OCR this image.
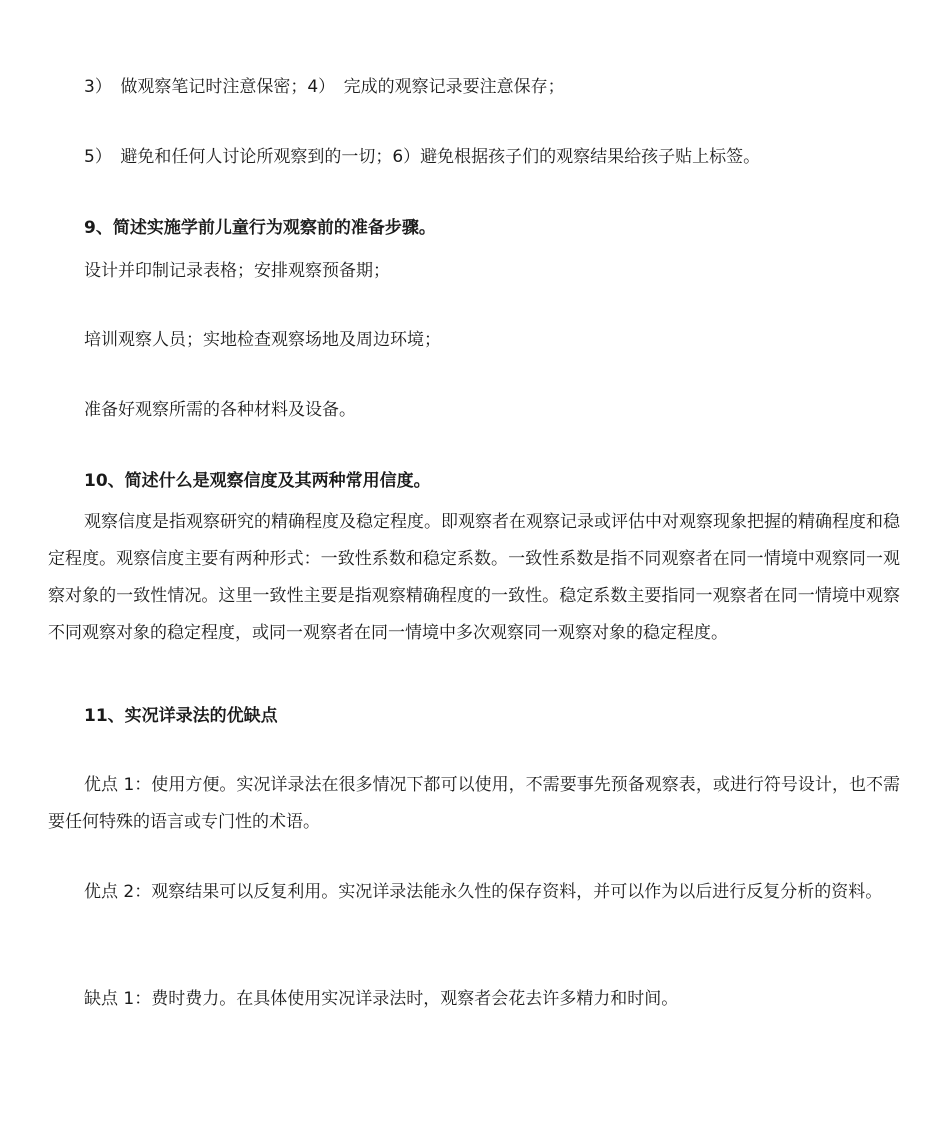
3）　做观察笔记时注意保密；4）　完成的观察记录要注意保存；
5）　避免和任何人讨论所观察到的一切；6）避免根据孩子们的观察结果给孩子贴上标签。
9、简述实施学前儿童行为观察前的准备步骤。
设计并印制记录表格；安排观察预备期；
培训观察人员；实地检查观察场地及周边环境；
准备好观察所需的各种材料及设备。
10、简述什么是观察信度及其两种常用信度。
观察信度是指观察研究的精确程度及稳定程度。即观察者在观察记录或评估中对观察现象把握的精确程度和稳定程度。观察信度主要有两种形式：一致性系数和稳定系数。一致性系数是指不同观察者在同一情境中观察同一观察对象的一致性情况。这里一致性主要是指观察精确程度的一致性。稳定系数主要指同一观察者在同一情境中观察不同观察对象的稳定程度，或同一观察者在同一情境中多次观察同一观察对象的稳定程度。
11、实况详录法的优缺点
优点 1：使用方便。实况详录法在很多情况下都可以使用，不需要事先预备观察表，或进行符号设计，也不需要任何特殊的语言或专门性的术语。
优点 2：观察结果可以反复利用。实况详录法能永久性的保存资料，并可以作为以后进行反复分析的资料。
缺点 1：费时费力。在具体使用实况详录法时，观察者会花去许多精力和时间。
